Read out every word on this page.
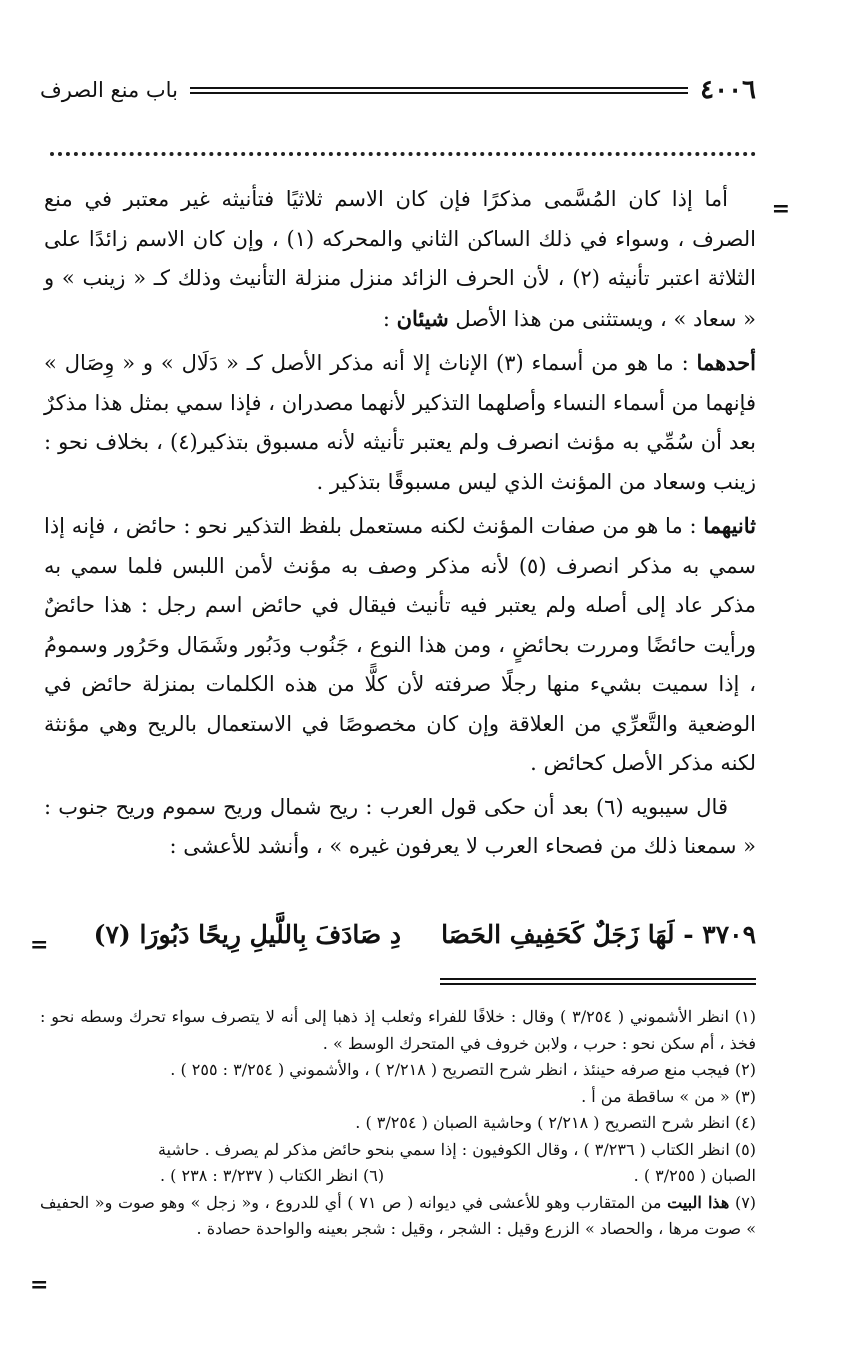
٤٠٠٦
باب منع الصرف
=

أما إذا كان المُسَّمى مذكرًا فإن كان الاسم ثلاثيًا فتأنيثه غير معتبر في منع الصرف ، وسواء في ذلك الساكن الثاني والمحركه (١) ، وإن كان الاسم زائدًا على الثلاثة اعتبر تأنيثه (٢) ، لأن الحرف الزائد منزل منزلة التأنيث وذلك كـ « زينب » و « سعاد » ، ويستثنى من هذا الأصل شيئان :

أحدهما : ما هو من أسماء (٣) الإناث إلا أنه مذكر الأصل كـ « دَلَال » و « وِصَال » فإنهما من أسماء النساء وأصلهما التذكير لأنهما مصدران ، فإذا سمي بمثل هذا مذكرٌ بعد أن سُمِّي به مؤنث انصرف ولم يعتبر تأنيثه لأنه مسبوق بتذكير(٤) ، بخلاف نحو : زينب وسعاد من المؤنث الذي ليس مسبوقًا بتذكير .

ثانيهما : ما هو من صفات المؤنث لكنه مستعمل بلفظ التذكير نحو : حائض ، فإنه إذا سمي به مذكر انصرف (٥) لأنه مذكر وصف به مؤنث لأمن اللبس فلما سمي به مذكر عاد إلى أصله ولم يعتبر فيه تأنيث فيقال في حائض اسم رجل : هذا حائضٌ ورأيت حائضًا ومررت بحائضٍ ، ومن هذا النوع ، جَنُوب ودَبُور وشَمَال وحَرُور وسمومُ ، إذا سميت بشيء منها رجلًا صرفته لأن كلًّا من هذه الكلمات بمنزلة حائض في الوضعية والتَّعرِّي من العلاقة وإن كان مخصوصًا في الاستعمال بالريح وهي مؤنثة لكنه مذكر الأصل كحائض .

قال سيبويه (٦) بعد أن حكى قول العرب : ريح شمال وريح سموم وريح جنوب : « سمعنا ذلك من فصحاء العرب لا يعرفون غيره » ، وأنشد للأعشى :

٣٧٠٩ - لَهَا زَجَلٌ كَحَفِيفِ الحَصَا
دِ صَادَفَ بِاللَّيلِ رِيحًا دَبُورَا (٧)
=

(١) انظر الأشموني ( ٣/٢٥٤ ) وقال : خلافًا للفراء وثعلب إذ ذهبا إلى أنه لا يتصرف سواء تحرك وسطه نحو : فخذ ، أم سكن نحو : حرب ، ولابن خروف في المتحرك الوسط » .

(٢) فيجب منع صرفه حينئذ ، انظر شرح التصريح ( ٢/٢١٨ ) ، والأشموني ( ٣/٢٥٤ : ٢٥٥ ) .

(٣) « من » ساقطة من أ .

(٤) انظر شرح التصريح ( ٢/٢١٨ ) وحاشية الصبان ( ٣/٢٥٤ ) .

(٥) انظر الكتاب ( ٣/٢٣٦ ) ، وقال الكوفيون : إذا سمي بنحو حائض مذكر لم يصرف . حاشية

الصبان ( ٣/٢٥٥ ) .
(٦) انظر الكتاب ( ٣/٢٣٧ : ٢٣٨ ) .

(٧) هذا البيت من المتقارب وهو للأعشى في ديوانه ( ص ٧١ ) أي للدروع ، و« زجل » وهو صوت و« الحفيف » صوت مرها ، والحصاد » الزرع وقيل : الشجر ، وقيل : شجر بعينه والواحدة حصادة .

=
